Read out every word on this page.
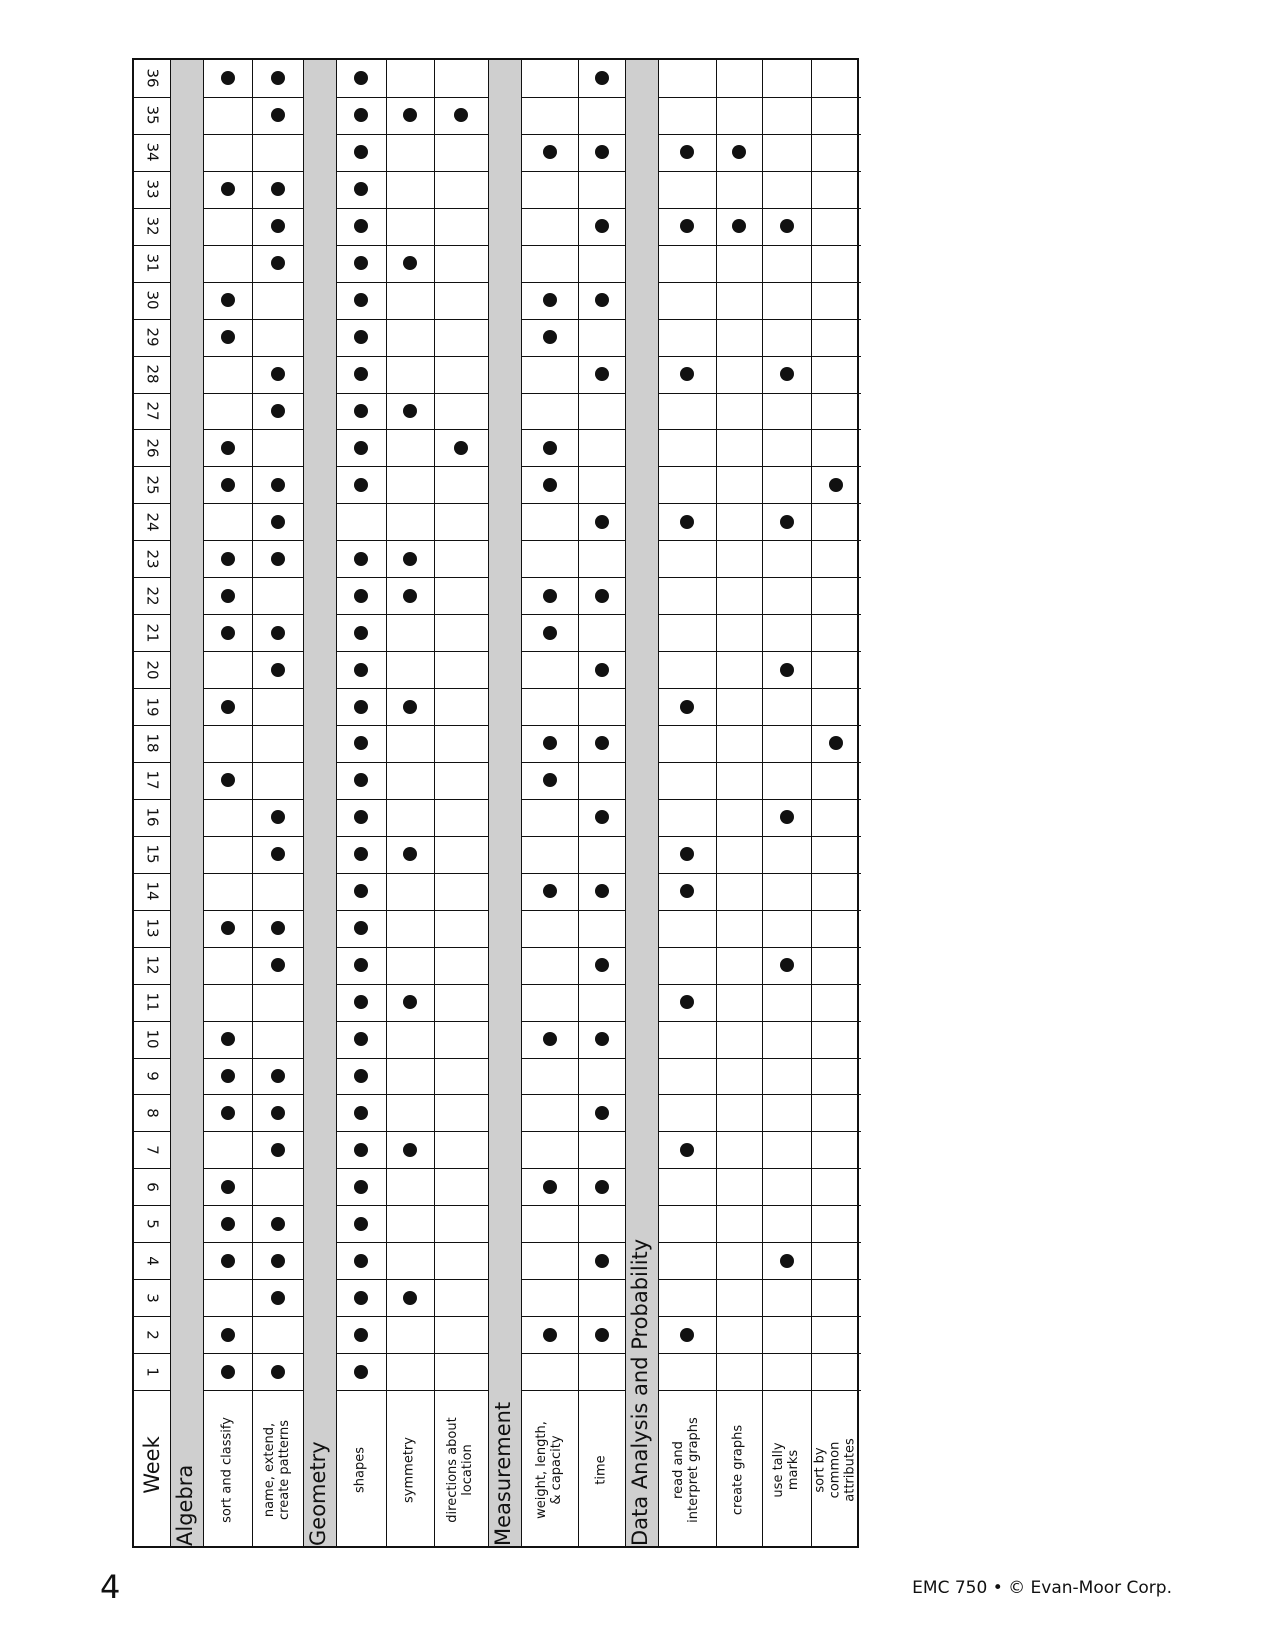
1
2
3
4
5
6
7
8
9
10
11
12
13
14
15
16
17
18
19
20
21
22
23
24
25
26
27
28
29
30
31
32
33
34
35
36
Week Algebra sort and classify name, extend,
create patterns Geometry shapes	symmetry directions about
location Measurement weight, length,
& capacity time Data Analysis and Probability read and
interpret graphs create graphs use tally marks sort by
common attributes
4	EMC 750 • © Evan-Moor Corp.
